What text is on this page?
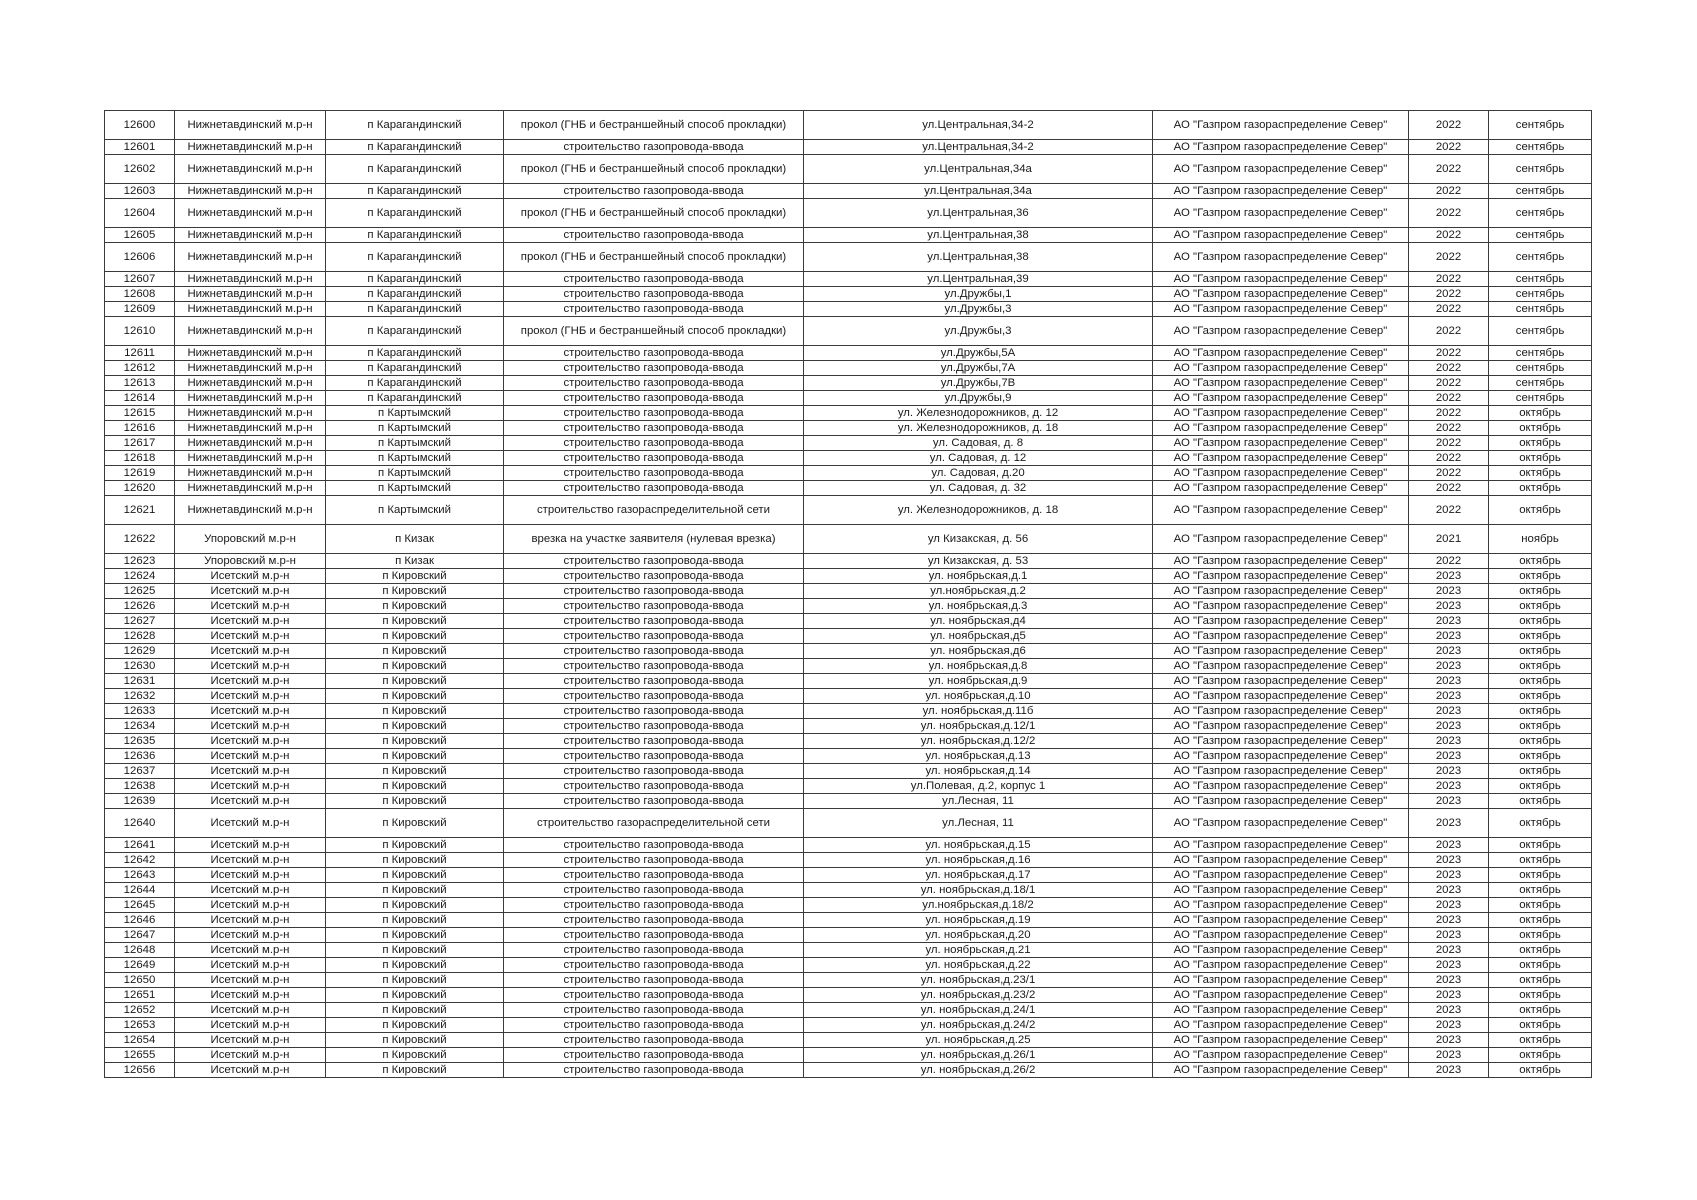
12600	Нижнетавдинский м.р-н	п Карагандинский	прокол (ГНБ и бестраншейный способ прокладки)	ул.Центральная,34-2	АО "Газпром газораспределение Север"	2022	сентябрь
12601	Нижнетавдинский м.р-н	п Карагандинский	строительство газопровода-ввода	ул.Центральная,34-2	АО "Газпром газораспределение Север"	2022	сентябрь
12602	Нижнетавдинский м.р-н	п Карагандинский	прокол (ГНБ и бестраншейный способ прокладки)	ул.Центральная,34а	АО "Газпром газораспределение Север"	2022	сентябрь
12603	Нижнетавдинский м.р-н	п Карагандинский	строительство газопровода-ввода	ул.Центральная,34а	АО "Газпром газораспределение Север"	2022	сентябрь
12604	Нижнетавдинский м.р-н	п Карагандинский	прокол (ГНБ и бестраншейный способ прокладки)	ул.Центральная,36	АО "Газпром газораспределение Север"	2022	сентябрь
12605	Нижнетавдинский м.р-н	п Карагандинский	строительство газопровода-ввода	ул.Центральная,38	АО "Газпром газораспределение Север"	2022	сентябрь
12606	Нижнетавдинский м.р-н	п Карагандинский	прокол (ГНБ и бестраншейный способ прокладки)	ул.Центральная,38	АО "Газпром газораспределение Север"	2022	сентябрь
12607	Нижнетавдинский м.р-н	п Карагандинский	строительство газопровода-ввода	ул.Центральная,39	АО "Газпром газораспределение Север"	2022	сентябрь
12608	Нижнетавдинский м.р-н	п Карагандинский	строительство газопровода-ввода	ул.Дружбы,1	АО "Газпром газораспределение Север"	2022	сентябрь
12609	Нижнетавдинский м.р-н	п Карагандинский	строительство газопровода-ввода	ул.Дружбы,3	АО "Газпром газораспределение Север"	2022	сентябрь
12610	Нижнетавдинский м.р-н	п Карагандинский	прокол (ГНБ и бестраншейный способ прокладки)	ул.Дружбы,3	АО "Газпром газораспределение Север"	2022	сентябрь
12611	Нижнетавдинский м.р-н	п Карагандинский	строительство газопровода-ввода	ул.Дружбы,5А	АО "Газпром газораспределение Север"	2022	сентябрь
12612	Нижнетавдинский м.р-н	п Карагандинский	строительство газопровода-ввода	ул.Дружбы,7А	АО "Газпром газораспределение Север"	2022	сентябрь
12613	Нижнетавдинский м.р-н	п Карагандинский	строительство газопровода-ввода	ул.Дружбы,7В	АО "Газпром газораспределение Север"	2022	сентябрь
12614	Нижнетавдинский м.р-н	п Карагандинский	строительство газопровода-ввода	ул.Дружбы,9	АО "Газпром газораспределение Север"	2022	сентябрь
12615	Нижнетавдинский м.р-н	п Картымский	строительство газопровода-ввода	ул. Железнодорожников, д. 12	АО "Газпром газораспределение Север"	2022	октябрь
12616	Нижнетавдинский м.р-н	п Картымский	строительство газопровода-ввода	ул. Железнодорожников, д. 18	АО "Газпром газораспределение Север"	2022	октябрь
12617	Нижнетавдинский м.р-н	п Картымский	строительство газопровода-ввода	ул. Садовая, д. 8	АО "Газпром газораспределение Север"	2022	октябрь
12618	Нижнетавдинский м.р-н	п Картымский	строительство газопровода-ввода	ул. Садовая, д. 12	АО "Газпром газораспределение Север"	2022	октябрь
12619	Нижнетавдинский м.р-н	п Картымский	строительство газопровода-ввода	ул. Садовая, д.20	АО "Газпром газораспределение Север"	2022	октябрь
12620	Нижнетавдинский м.р-н	п Картымский	строительство газопровода-ввода	ул. Садовая, д. 32	АО "Газпром газораспределение Север"	2022	октябрь
12621	Нижнетавдинский м.р-н	п Картымский	строительство газораспределительной сети	ул. Железнодорожников, д. 18	АО "Газпром газораспределение Север"	2022	октябрь
12622	Упоровский м.р-н	п Кизак	врезка на участке заявителя (нулевая врезка)	ул Кизакская, д. 56	АО "Газпром газораспределение Север"	2021	ноябрь
12623	Упоровский м.р-н	п Кизак	строительство газопровода-ввода	ул Кизакская, д. 53	АО "Газпром газораспределение Север"	2022	октябрь
12624	Исетский м.р-н	п Кировский	строительство газопровода-ввода	ул. ноябрьская,д.1	АО "Газпром газораспределение Север"	2023	октябрь
12625	Исетский м.р-н	п Кировский	строительство газопровода-ввода	ул.ноябрьская,д.2	АО "Газпром газораспределение Север"	2023	октябрь
12626	Исетский м.р-н	п Кировский	строительство газопровода-ввода	ул. ноябрьская,д.3	АО "Газпром газораспределение Север"	2023	октябрь
12627	Исетский м.р-н	п Кировский	строительство газопровода-ввода	ул. ноябрьская,д4	АО "Газпром газораспределение Север"	2023	октябрь
12628	Исетский м.р-н	п Кировский	строительство газопровода-ввода	ул. ноябрьская,д5	АО "Газпром газораспределение Север"	2023	октябрь
12629	Исетский м.р-н	п Кировский	строительство газопровода-ввода	ул. ноябрьская,д6	АО "Газпром газораспределение Север"	2023	октябрь
12630	Исетский м.р-н	п Кировский	строительство газопровода-ввода	ул. ноябрьская,д.8	АО "Газпром газораспределение Север"	2023	октябрь
12631	Исетский м.р-н	п Кировский	строительство газопровода-ввода	ул. ноябрьская,д.9	АО "Газпром газораспределение Север"	2023	октябрь
12632	Исетский м.р-н	п Кировский	строительство газопровода-ввода	ул. ноябрьская,д.10	АО "Газпром газораспределение Север"	2023	октябрь
12633	Исетский м.р-н	п Кировский	строительство газопровода-ввода	ул. ноябрьская,д.11б	АО "Газпром газораспределение Север"	2023	октябрь
12634	Исетский м.р-н	п Кировский	строительство газопровода-ввода	ул. ноябрьская,д.12/1	АО "Газпром газораспределение Север"	2023	октябрь
12635	Исетский м.р-н	п Кировский	строительство газопровода-ввода	ул. ноябрьская,д.12/2	АО "Газпром газораспределение Север"	2023	октябрь
12636	Исетский м.р-н	п Кировский	строительство газопровода-ввода	ул. ноябрьская,д.13	АО "Газпром газораспределение Север"	2023	октябрь
12637	Исетский м.р-н	п Кировский	строительство газопровода-ввода	ул. ноябрьская,д.14	АО "Газпром газораспределение Север"	2023	октябрь
12638	Исетский м.р-н	п Кировский	строительство газопровода-ввода	ул.Полевая, д.2, корпус 1	АО "Газпром газораспределение Север"	2023	октябрь
12639	Исетский м.р-н	п Кировский	строительство газопровода-ввода	ул.Лесная, 11	АО "Газпром газораспределение Север"	2023	октябрь
12640	Исетский м.р-н	п Кировский	строительство газораспределительной сети	ул.Лесная, 11	АО "Газпром газораспределение Север"	2023	октябрь
12641	Исетский м.р-н	п Кировский	строительство газопровода-ввода	ул. ноябрьская,д.15	АО "Газпром газораспределение Север"	2023	октябрь
12642	Исетский м.р-н	п Кировский	строительство газопровода-ввода	ул. ноябрьская,д.16	АО "Газпром газораспределение Север"	2023	октябрь
12643	Исетский м.р-н	п Кировский	строительство газопровода-ввода	ул. ноябрьская,д.17	АО "Газпром газораспределение Север"	2023	октябрь
12644	Исетский м.р-н	п Кировский	строительство газопровода-ввода	ул. ноябрьская,д.18/1	АО "Газпром газораспределение Север"	2023	октябрь
12645	Исетский м.р-н	п Кировский	строительство газопровода-ввода	ул.ноябрьская,д.18/2	АО "Газпром газораспределение Север"	2023	октябрь
12646	Исетский м.р-н	п Кировский	строительство газопровода-ввода	ул. ноябрьская,д.19	АО "Газпром газораспределение Север"	2023	октябрь
12647	Исетский м.р-н	п Кировский	строительство газопровода-ввода	ул. ноябрьская,д.20	АО "Газпром газораспределение Север"	2023	октябрь
12648	Исетский м.р-н	п Кировский	строительство газопровода-ввода	ул. ноябрьская,д.21	АО "Газпром газораспределение Север"	2023	октябрь
12649	Исетский м.р-н	п Кировский	строительство газопровода-ввода	ул. ноябрьская,д.22	АО "Газпром газораспределение Север"	2023	октябрь
12650	Исетский м.р-н	п Кировский	строительство газопровода-ввода	ул. ноябрьская,д.23/1	АО "Газпром газораспределение Север"	2023	октябрь
12651	Исетский м.р-н	п Кировский	строительство газопровода-ввода	ул. ноябрьская,д.23/2	АО "Газпром газораспределение Север"	2023	октябрь
12652	Исетский м.р-н	п Кировский	строительство газопровода-ввода	ул. ноябрьская,д.24/1	АО "Газпром газораспределение Север"	2023	октябрь
12653	Исетский м.р-н	п Кировский	строительство газопровода-ввода	ул. ноябрьская,д.24/2	АО "Газпром газораспределение Север"	2023	октябрь
12654	Исетский м.р-н	п Кировский	строительство газопровода-ввода	ул. ноябрьская,д.25	АО "Газпром газораспределение Север"	2023	октябрь
12655	Исетский м.р-н	п Кировский	строительство газопровода-ввода	ул. ноябрьская,д.26/1	АО "Газпром газораспределение Север"	2023	октябрь
12656	Исетский м.р-н	п Кировский	строительство газопровода-ввода	ул. ноябрьская,д.26/2	АО "Газпром газораспределение Север"	2023	октябрь
